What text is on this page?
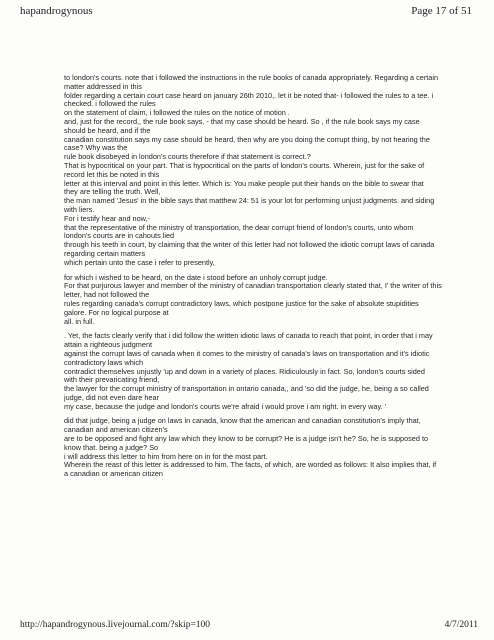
hapandrogynous	Page 17 of 51
to london's courts. note that i followed the instructions in the rule books of canada appropriately. Regarding a certain
matter addressed in this
folder regarding a certain court case heard on january 26th 2010,. let it be noted that- i followed the rules to a tee. i
checked. i followed the rules
on the statement of claim, i followed the rules on the notice of motion .
and, just for the record,, the rule book says, - that my case should be heard. So , if the rule book says my case
should be heard, and if the
canadian constitution says my case should be heard, then why are you doing the corrupt thing, by not hearing the
case? Why was the
rule book disobeyed in london's courts therefore if that statement is correct.?
That is hypocritical on your part. That is hypocritical on the parts of london's courts. Wherein, just for the sake of
record let this be noted in this
letter at this interval and point in this letter. Which is: You make people put their hands on the bible to swear that
they are telling the truth. Well,
the man named 'Jesus' in the bible says that matthew 24: 51 is your lot for performing unjust judgments. and siding
with liers.
For i testify hear and now,-
that the representative of the ministry of transportation, the dear corrupt friend of london's courts, unto whom
london's courts are in cahouts lied
through his teeth in court, by claiming that the writer of this letter had not followed the idiotic corrupt laws of canada
regarding certain matters
which pertain unto the case i refer to presently,
for which i wished to be heard, on the date i stood before an unholy corrupt judge.
For that purjurous lawyer and member of the ministry of canadian transportation clearly stated that, I' the writer of this
letter, had not followed the
rules regarding canada's corrupt contradictory laws, which postpone justice for the sake of absolute stupidities
galore. For no logical purpose at
all. in full.
. Yet, the facts clearly verify that i did follow the written idiotic laws of canada to reach that point, in order that i may
attain a righteous judgment
against the corrupt laws of canada when it comes to the ministry of canada's laws on transportation and it's idiotic
contradictory laws which
contradict themselves unjustly 'up and down in a variety of places. Ridiculously in fact. So, london's courts sided
with their prevaricating friend,
the lawyer for the corrupt ministry of transportation in ontario canada,, and 'so did the judge, he, being a so called
judge, did not even dare hear
my case, because the judge and london's courts we're afraid i would prove i am right. in every way. '
did that judge, being a judge on laws in canada, know that the american and canadian constitution's imply that,
canadian and american citizen's
are to be opposed and fight any law which they know to be corrupt? He is a judge isn't he? So, he is supposed to
know that. being a judge? So
i will address this letter to him from here on in for the most part.
Wherein the reast of this letter is addressed to him. The facts, of which, are worded as follows: It also implies that, if
a canadian or american citizen
http://hapandrogynous.livejournal.com/?skip=100	4/7/2011
